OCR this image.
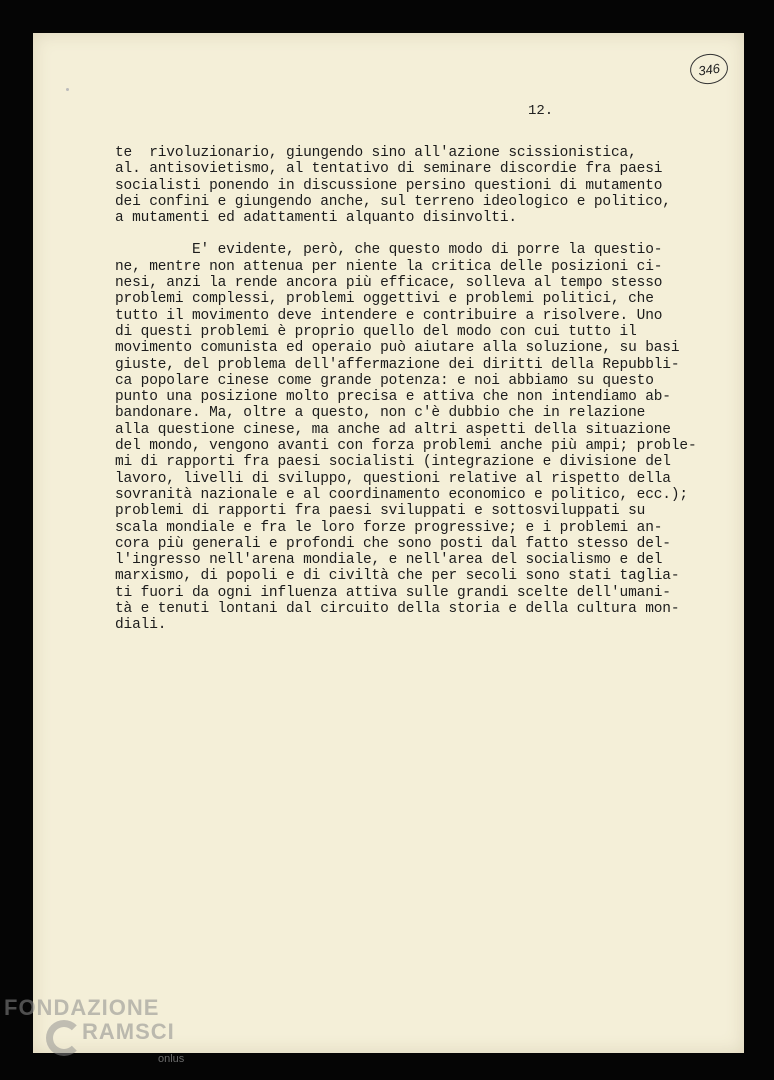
346
12.
te  rivoluzionario, giungendo sino all'azione scissionistica,
al. antisovietismo, al tentativo di seminare discordie fra paesi
socialisti ponendo in discussione persino questioni di mutamento
dei confini e giungendo anche, sul terreno ideologico e politico,
a mutamenti ed adattamenti alquanto disinvolti.
E' evidente, però, che questo modo di porre la questio-
ne, mentre non attenua per niente la critica delle posizioni ci-
nesi, anzi la rende ancora più efficace, solleva al tempo stesso
problemi complessi, problemi oggettivi e problemi politici, che
tutto il movimento deve intendere e contribuire a risolvere. Uno
di questi problemi è proprio quello del modo con cui tutto il
movimento comunista ed operaio può aiutare alla soluzione, su basi
giuste, del problema dell'affermazione dei diritti della Repubbli-
ca popolare cinese come grande potenza: e noi abbiamo su questo
punto una posizione molto precisa e attiva che non intendiamo ab-
bandonare. Ma, oltre a questo, non c'è dubbio che in relazione
alla questione cinese, ma anche ad altri aspetti della situazione
del mondo, vengono avanti con forza problemi anche più ampi; proble-
mi di rapporti fra paesi socialisti (integrazione e divisione del
lavoro, livelli di sviluppo, questioni relative al rispetto della
sovranità nazionale e al coordinamento economico e politico, ecc.);
problemi di rapporti fra paesi sviluppati e sottosviluppati su
scala mondiale e fra le loro forze progressive; e i problemi an-
cora più generali e profondi che sono posti dal fatto stesso del-
l'ingresso nell'arena mondiale, e nell'area del socialismo e del
marxismo, di popoli e di civiltà che per secoli sono stati taglia-
ti fuori da ogni influenza attiva sulle grandi scelte dell'umani-
tà e tenuti lontani dal circuito della storia e della cultura mon-
diali.
FONDAZIONE
RAMSCI
onlus
